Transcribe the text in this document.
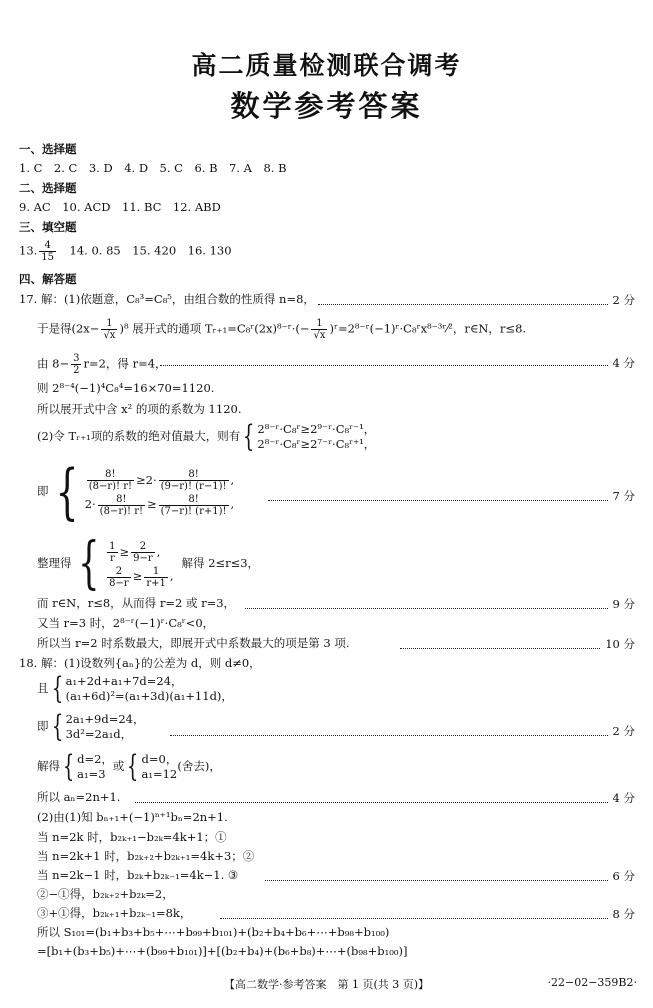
高二质量检测联合调考
数学参考答案
一、选择题
1. C　2. C　3. D　4. D　5. C　6. B　7. A　8. B
二、选择题
9. AC　10. ACD　11. BC　12. ABD
三、填空题
13. $\frac{4}{15}$ 　14. 0. 85　15. 420　16. 130
四、解答题
17. 解：(1)依题意，C₈³=C₈⁵，由组合数的性质得 n=8，	2 分
于是得$(2x- \frac{1}{√x} )^8$ 展开式的通项 Tᵣ₊₁=C₈ʳ(2x)⁸⁻ʳ·(− $\frac{1}{√x}$ )ʳ=2⁸⁻ʳ(−1)ʳ·C₈ʳx⁸⁻³ʳ⁄²，r∈N，r≤8.
由 $8- \frac{3}{2} r=2$，得 r=4，	4 分
则 2⁸⁻⁴(−1)⁴C₈⁴=16×70=1120.
所以展开式中含 x² 的项的系数为 1120.
(2)令 Tᵣ₊₁项的系数的绝对值最大，则有{ 2⁸⁻ʳ·C₈ʳ≥2⁹⁻ʳ·C₈ʳ⁻¹，
2⁸⁻ʳ·C₈ʳ≥2⁷⁻ʳ·C₈ʳ⁺¹，
即 { $\frac{8!}{(8-r)! r!} \ge 2\cdot \frac{8!}{(9-r)! (r-1)!}$ ,
$2\cdot \frac{8!}{(8-r)! r!} \ge \frac{8!}{(7-r)! (r+1)!}$ ,
7 分
整理得 { $\frac{1}{r} \ge \frac{2}{9-r}$ ,
$\frac{2}{8-r} \ge \frac{1}{r+1}$ ,
解得 2≤r≤3，
而 r∈N，r≤8，从而得 r=2 或 r=3，	9 分
又当 r=3 时，2⁸⁻ʳ(−1)ʳ·C₈ʳ<0，
所以当 r=2 时系数最大，即展开式中系数最大的项是第 3 项.	10 分
18. 解：(1)设数列{aₙ}的公差为 d，则 d≠0，
且{ a₁+2d+a₁+7d=24，
(a₁+6d)²=(a₁+3d)(a₁+11d)，
即{ 2a₁+9d=24，
3d²=2a₁d，	2 分
解得{ d=2，
a₁=3
或{ d=0，
a₁=12
(舍去)，
所以 aₙ=2n+1.	4 分
(2)由(1)知 bₙ₊₁+(−1)ⁿ⁺¹bₙ=2n+1.
当 n=2k 时，b₂ₖ₊₁−b₂ₖ=4k+1；①
当 n=2k+1 时，b₂ₖ₊₂+b₂ₖ₊₁=4k+3；②
当 n=2k−1 时，b₂ₖ+b₂ₖ₋₁=4k−1. ③	6 分
②−①得，b₂ₖ₊₂+b₂ₖ=2，
③+①得，b₂ₖ₊₁+b₂ₖ₋₁=8k，	8 分
所以 S₁₀₁=(b₁+b₃+b₅+⋯+b₉₉+b₁₀₁)+(b₂+b₄+b₆+⋯+b₉₈+b₁₀₀)
=[b₁+(b₃+b₅)+⋯+(b₉₉+b₁₀₁)]+[(b₂+b₄)+(b₆+b₈)+⋯+(b₉₈+b₁₀₀)]
【高二数学·参考答案　第 1 页(共 3 页)】	·22−02−359B2·
